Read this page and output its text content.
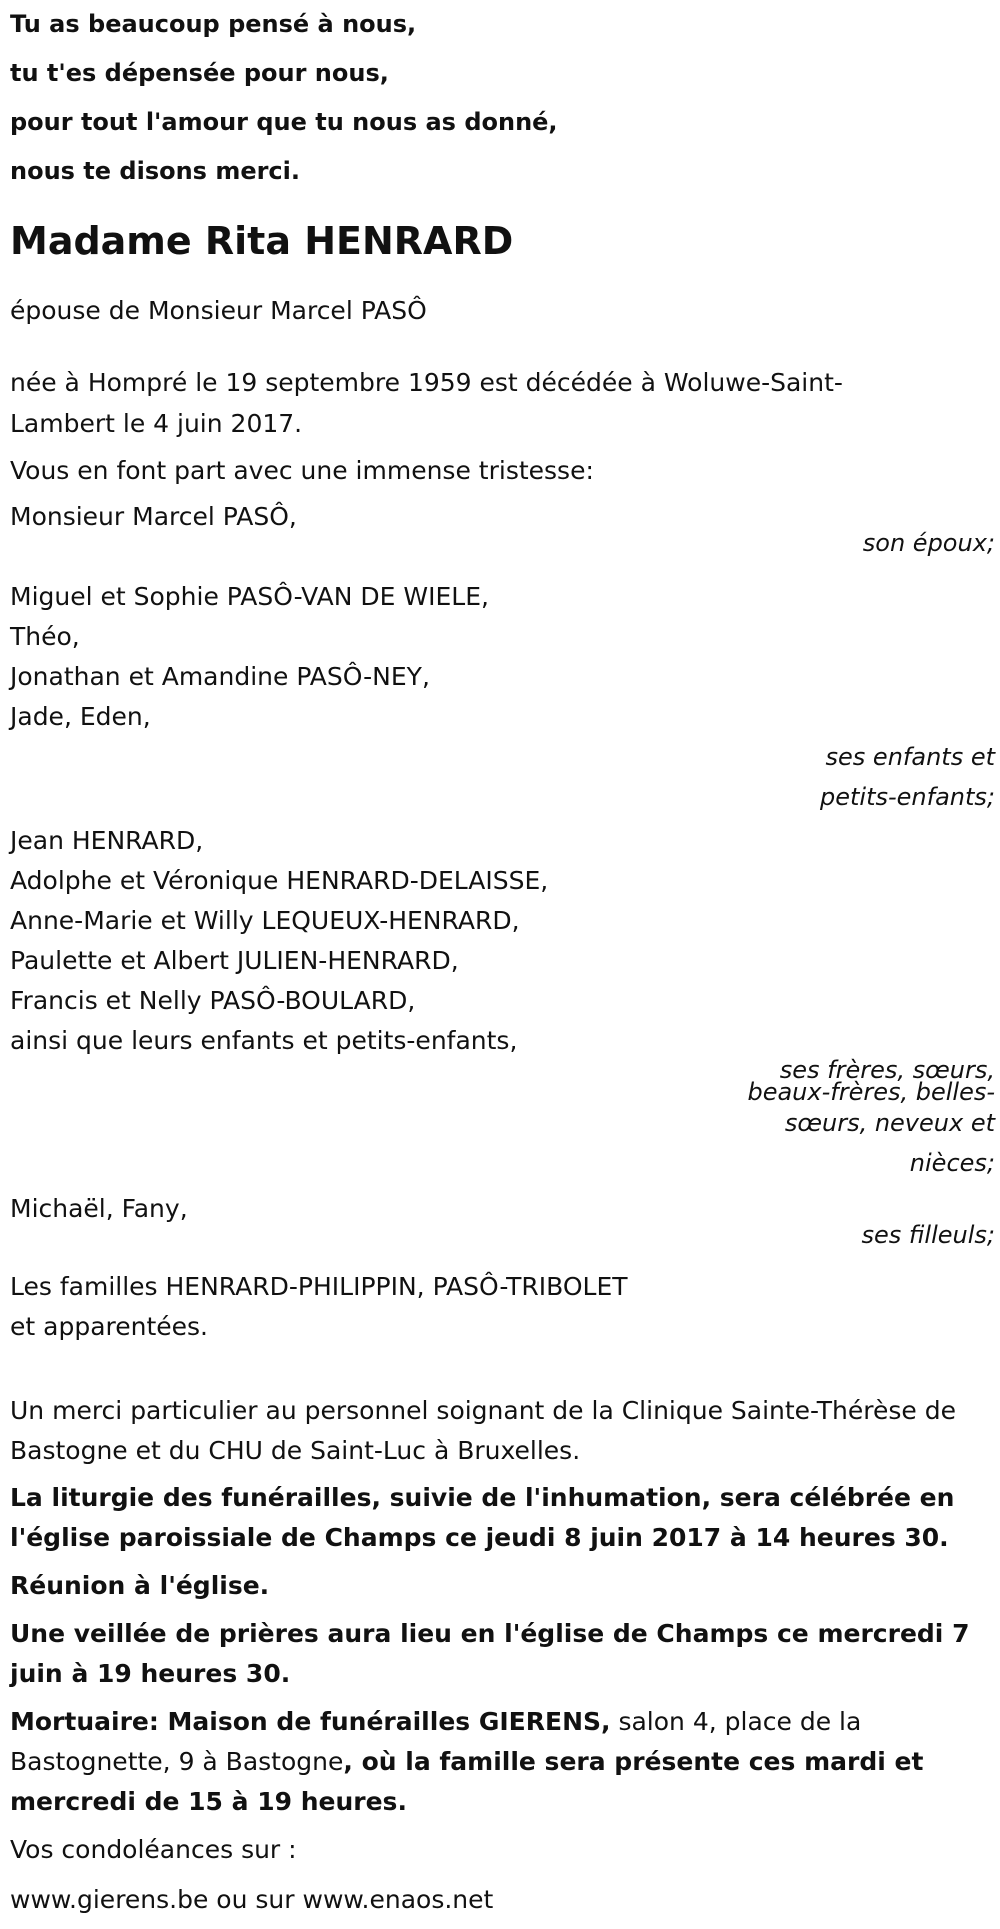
Tu as beaucoup pensé à nous,
tu t'es dépensée pour nous,
pour tout l'amour que tu nous as donné,
nous te disons merci.
Madame Rita HENRARD
épouse de Monsieur Marcel PASÔ
née à Hompré le 19 septembre 1959 est décédée à Woluwe-Saint-Lambert le 4 juin 2017.
Vous en font part avec une immense tristesse:
Monsieur Marcel PASÔ,
son époux;
Miguel et Sophie PASÔ-VAN DE WIELE,
Théo,
Jonathan et Amandine PASÔ-NEY,
Jade, Eden,
ses enfants et
petits-enfants;
Jean HENRARD,
Adolphe et Véronique HENRARD-DELAISSE,
Anne-Marie et Willy LEQUEUX-HENRARD,
Paulette et Albert JULIEN-HENRARD,
Francis et Nelly PASÔ-BOULARD,
ainsi que leurs enfants et petits-enfants,
ses frères, sœurs,
beaux-frères, belles-
sœurs, neveux et
nièces;
Michaël, Fany,
ses filleuls;
Les familles HENRARD-PHILIPPIN, PASÔ-TRIBOLET
et apparentées.
Un merci particulier au personnel soignant de la Clinique Sainte-Thérèse de Bastogne et du CHU de Saint-Luc à Bruxelles.
La liturgie des funérailles, suivie de l'inhumation, sera célébrée en l'église paroissiale de Champs ce jeudi 8 juin 2017 à 14 heures 30.
Réunion à l'église.
Une veillée de prières aura lieu en l'église de Champs ce mercredi 7 juin à 19 heures 30.
Mortuaire: Maison de funérailles GIERENS, salon 4, place de la Bastognette, 9 à Bastogne, où la famille sera présente ces mardi et mercredi de 15 à 19 heures.
Vos condoléances sur :
www.gierens.be ou sur www.enaos.net
